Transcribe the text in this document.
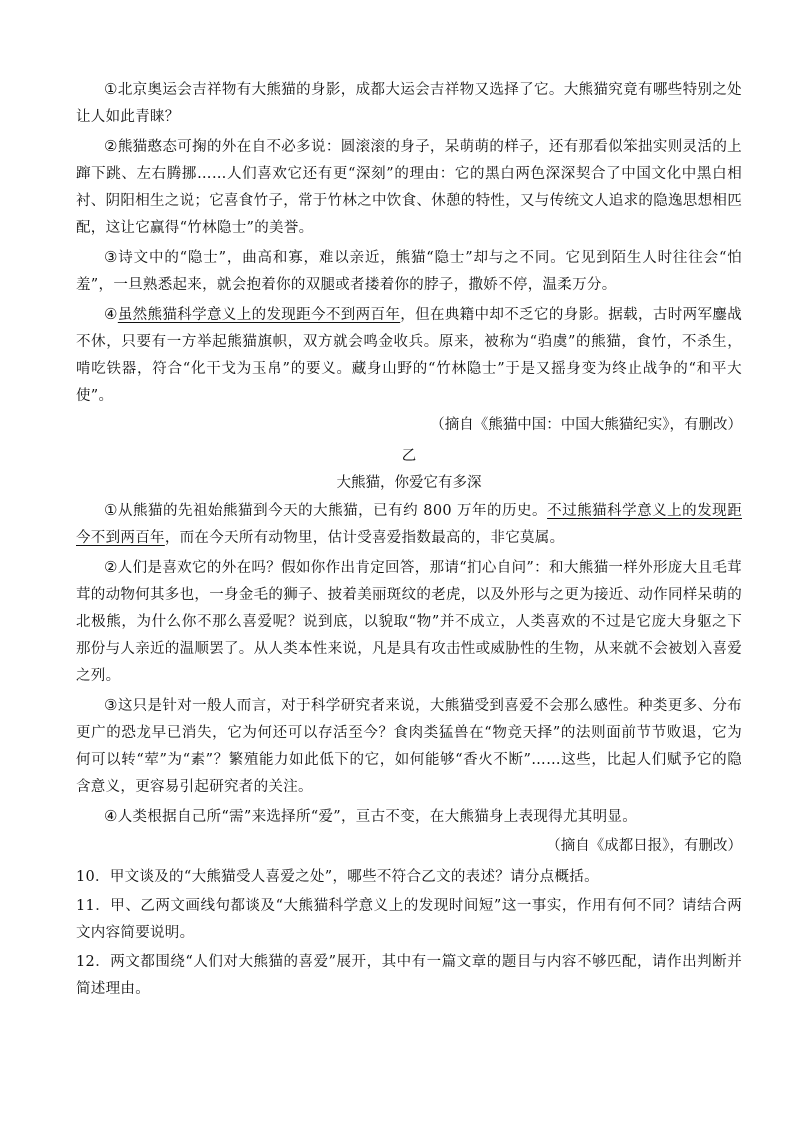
①北京奥运会吉祥物有大熊猫的身影，成都大运会吉祥物又选择了它。大熊猫究竟有哪些特别之处让人如此青睐？

②熊猫憨态可掬的外在自不必多说：圆滚滚的身子，呆萌萌的样子，还有那看似笨拙实则灵活的上蹿下跳、左右腾挪……人们喜欢它还有更“深刻”的理由：它的黑白两色深深契合了中国文化中黑白相衬、阴阳相生之说；它喜食竹子，常于竹林之中饮食、休憩的特性，又与传统文人追求的隐逸思想相匹配，这让它赢得“竹林隐士”的美誉。

③诗文中的“隐士”，曲高和寡，难以亲近，熊猫“隐士”却与之不同。它见到陌生人时往往会“怕羞”，一旦熟悉起来，就会抱着你的双腿或者搂着你的脖子，撒娇不停，温柔万分。

④虽然熊猫科学意义上的发现距今不到两百年，但在典籍中却不乏它的身影。据载，古时两军鏖战不休，只要有一方举起熊猫旗帜，双方就会鸣金收兵。原来，被称为“驺虞”的熊猫，食竹，不杀生，啃吃铁器，符合“化干戈为玉帛”的要义。藏身山野的“竹林隐士”于是又摇身变为终止战争的“和平大使”。

（摘自《熊猫中国：中国大熊猫纪实》，有删改）

乙

大熊猫，你爱它有多深

①从熊猫的先祖始熊猫到今天的大熊猫，已有约 800 万年的历史。不过熊猫科学意义上的发现距今不到两百年，而在今天所有动物里，估计受喜爱指数最高的，非它莫属。

②人们是喜欢它的外在吗？假如你作出肯定回答，那请“扪心自问”：和大熊猫一样外形庞大且毛茸茸的动物何其多也，一身金毛的狮子、披着美丽斑纹的老虎，以及外形与之更为接近、动作同样呆萌的北极熊，为什么你不那么喜爱呢？说到底，以貌取“物”并不成立，人类喜欢的不过是它庞大身躯之下那份与人亲近的温顺罢了。从人类本性来说，凡是具有攻击性或威胁性的生物，从来就不会被划入喜爱之列。

③这只是针对一般人而言，对于科学研究者来说，大熊猫受到喜爱不会那么感性。种类更多、分布更广的恐龙早已消失，它为何还可以存活至今？食肉类猛兽在“物竞天择”的法则面前节节败退，它为何可以转“荤”为“素”？繁殖能力如此低下的它，如何能够“香火不断”……这些，比起人们赋予它的隐含意义，更容易引起研究者的关注。

④人类根据自己所“需”来选择所“爱”，亘古不变，在大熊猫身上表现得尤其明显。

（摘自《成都日报》，有删改）

10．甲文谈及的“大熊猫受人喜爱之处”，哪些不符合乙文的表述？请分点概括。

11．甲、乙两文画线句都谈及“大熊猫科学意义上的发现时间短”这一事实，作用有何不同？请结合两文内容简要说明。

12．两文都围绕“人们对大熊猫的喜爱”展开，其中有一篇文章的题目与内容不够匹配，请作出判断并简述理由。
